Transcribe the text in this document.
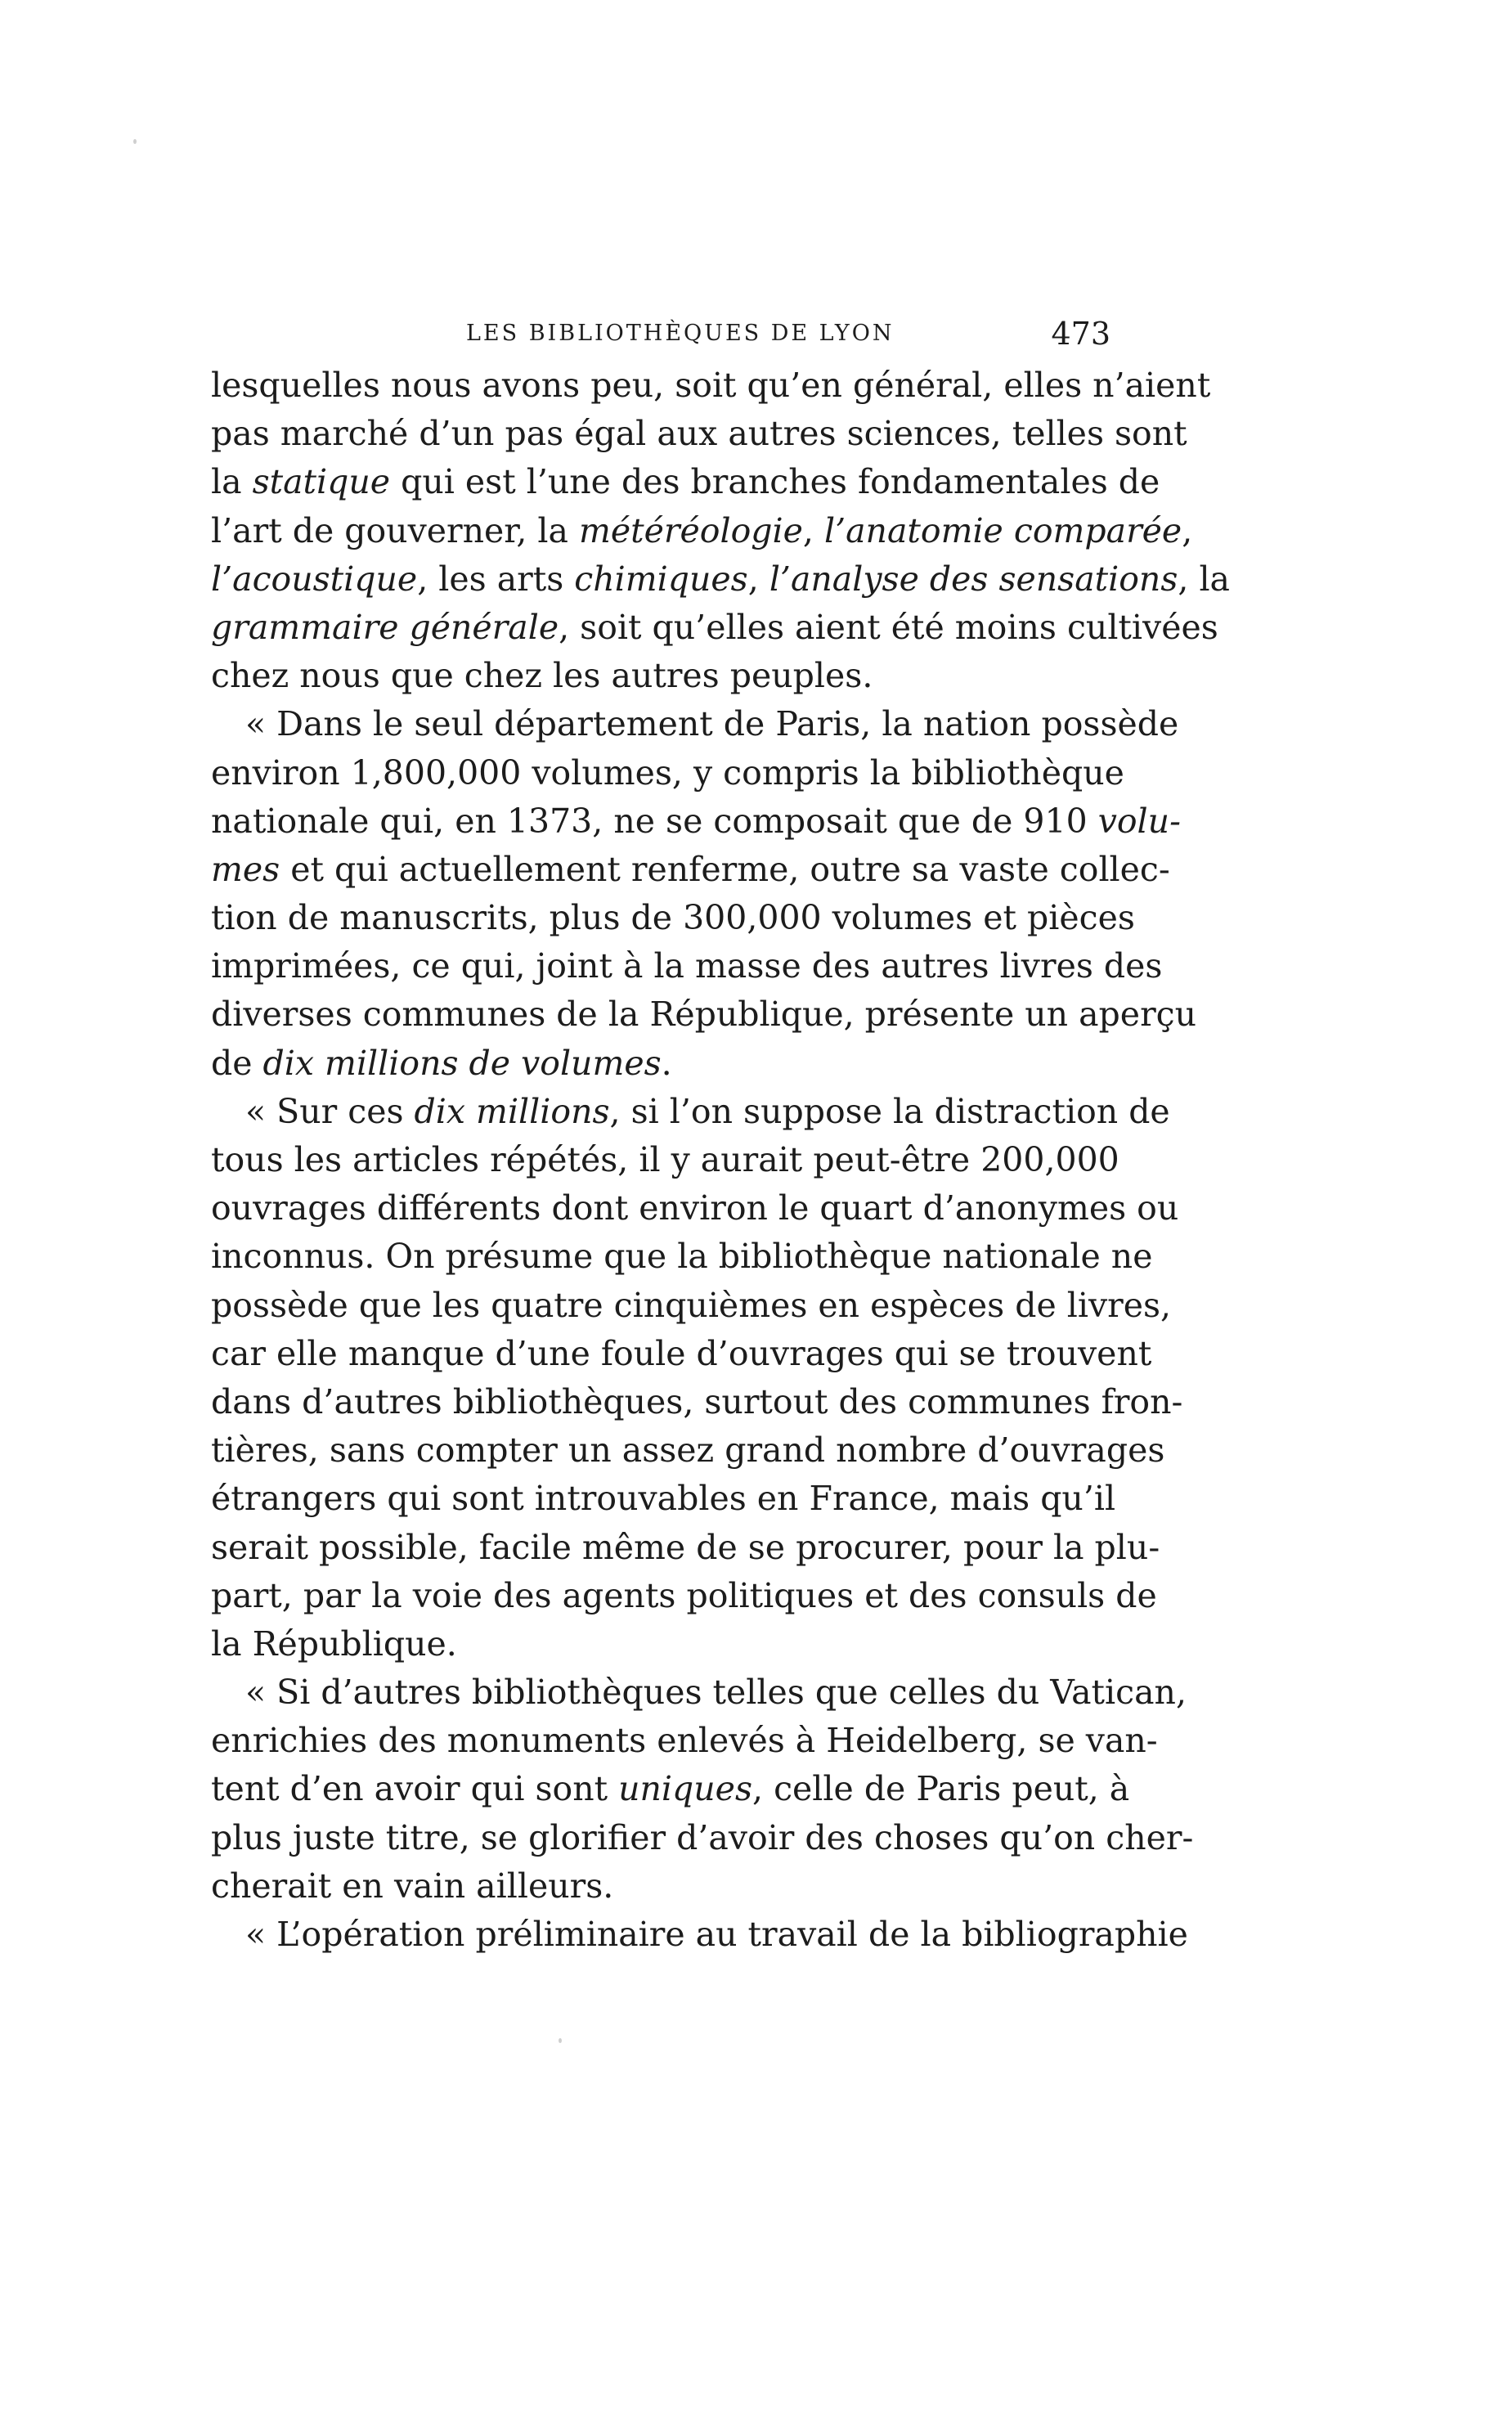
LES BIBLIOTHÈQUES DE LYON	473
lesquelles nous avons peu, soit qu’en général, elles n’aient
pas marché d’un pas égal aux autres sciences, telles sont
la statique qui est l’une des branches fondamentales de
l’art de gouverner, la météréologie, l’anatomie comparée,
l’acoustique, les arts chimiques, l’analyse des sensations, la
grammaire générale, soit qu’elles aient été moins cultivées
chez nous que chez les autres peuples.
« Dans le seul département de Paris, la nation possède
environ 1,800,000 volumes, y compris la bibliothèque
nationale qui, en 1373, ne se composait que de 910 volu-
mes et qui actuellement renferme, outre sa vaste collec-
tion de manuscrits, plus de 300,000 volumes et pièces
imprimées, ce qui, joint à la masse des autres livres des
diverses communes de la République, présente un aperçu
de dix millions de volumes.
« Sur ces dix millions, si l’on suppose la distraction de
tous les articles répétés, il y aurait peut-être 200,000
ouvrages différents dont environ le quart d’anonymes ou
inconnus. On présume que la bibliothèque nationale ne
possède que les quatre cinquièmes en espèces de livres,
car elle manque d’une foule d’ouvrages qui se trouvent
dans d’autres bibliothèques, surtout des communes fron-
tières, sans compter un assez grand nombre d’ouvrages
étrangers qui sont introuvables en France, mais qu’il
serait possible, facile même de se procurer, pour la plu-
part, par la voie des agents politiques et des consuls de
la République.
« Si d’autres bibliothèques telles que celles du Vatican,
enrichies des monuments enlevés à Heidelberg, se van-
tent d’en avoir qui sont uniques, celle de Paris peut, à
plus juste titre, se glorifier d’avoir des choses qu’on cher-
cherait en vain ailleurs.
« L’opération préliminaire au travail de la bibliographie
